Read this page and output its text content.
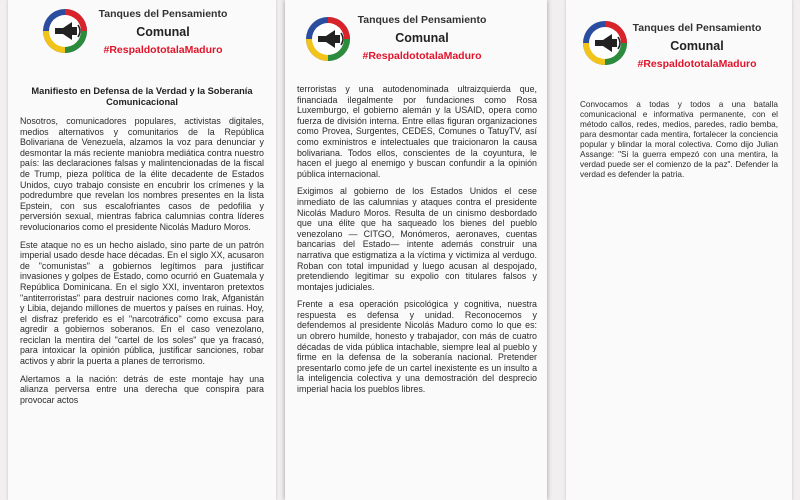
Tanques del Pensamiento
Comunal
#RespaldototalaMaduro
Manifiesto en Defensa de la Verdad y la Soberanía Comunicacional

Nosotros, comunicadores populares, activistas digitales, medios alternativos y comunitarios de la República Bolivariana de Venezuela, alzamos la voz para denunciar y desmontar la más reciente maniobra mediática contra nuestro país: las declaraciones falsas y malintencionadas de la fiscal de Trump, pieza política de la élite decadente de Estados Unidos, cuyo trabajo consiste en encubrir los crímenes y la podredumbre que revelan los nombres presentes en la lista Epstein, con sus escalofriantes casos de pedofilia y perversión sexual, mientras fabrica calumnias contra líderes revolucionarios como el presidente Nicolás Maduro Moros.

Este ataque no es un hecho aislado, sino parte de un patrón imperial usado desde hace décadas. En el siglo XX, acusaron de "comunistas" a gobiernos legítimos para justificar invasiones y golpes de Estado, como ocurrió en Guatemala y República Dominicana. En el siglo XXI, inventaron pretextos "antiterroristas" para destruir naciones como Irak, Afganistán y Libia, dejando millones de muertos y países en ruinas. Hoy, el disfraz preferido es el "narcotráfico" como excusa para agredir a gobiernos soberanos. En el caso venezolano, reciclan la mentira del "cartel de los soles" que ya fracasó, para intoxicar la opinión pública, justificar sanciones, robar activos y abrir la puerta a planes de terrorismo.

Alertamos a la nación: detrás de este montaje hay una alianza perversa entre una derecha que conspira para provocar actos

Tanques del Pensamiento
Comunal
#RespaldototalaMaduro

terroristas y una autodenominada ultraizquierda que, financiada ilegalmente por fundaciones como Rosa Luxemburgo, el gobierno alemán y la USAID, opera como fuerza de división interna. Entre ellas figuran organizaciones como Provea, Surgentes, CEDES, Comunes o TatuyTV, así como exministros e intelectuales que traicionaron la causa bolivariana. Todos ellos, conscientes de la coyuntura, le hacen el juego al enemigo y buscan confundir a la opinión pública internacional.

Exigimos al gobierno de los Estados Unidos el cese inmediato de las calumnias y ataques contra el presidente Nicolás Maduro Moros. Resulta de un cinismo desbordado que una élite que ha saqueado los bienes del pueblo venezolano — CITGO, Monómeros, aeronaves, cuentas bancarias del Estado— intente además construir una narrativa que estigmatiza a la víctima y victimiza al verdugo. Roban con total impunidad y luego acusan al despojado, pretendiendo legitimar su expolio con titulares falsos y montajes judiciales.

Frente a esa operación psicológica y cognitiva, nuestra respuesta es defensa y unidad. Reconocemos y defendemos al presidente Nicolás Maduro como lo que es: un obrero humilde, honesto y trabajador, con más de cuatro décadas de vida pública intachable, siempre leal al pueblo y firme en la defensa de la soberanía nacional. Pretender presentarlo como jefe de un cartel inexistente es un insulto a la inteligencia colectiva y una demostración del desprecio imperial hacia los pueblos libres.

Tanques del Pensamiento
Comunal
#RespaldototalaMaduro

Convocamos a todas y todos a una batalla comunicacional e informativa permanente, con el método callos, redes, medios, paredes, radio bemba, para desmontar cada mentira, fortalecer la conciencia popular y blindar la moral colectiva. Como dijo Julian Assange: "Si la guerra empezó con una mentira, la verdad puede ser el comienzo de la paz". Defender la verdad es defender la patria.
